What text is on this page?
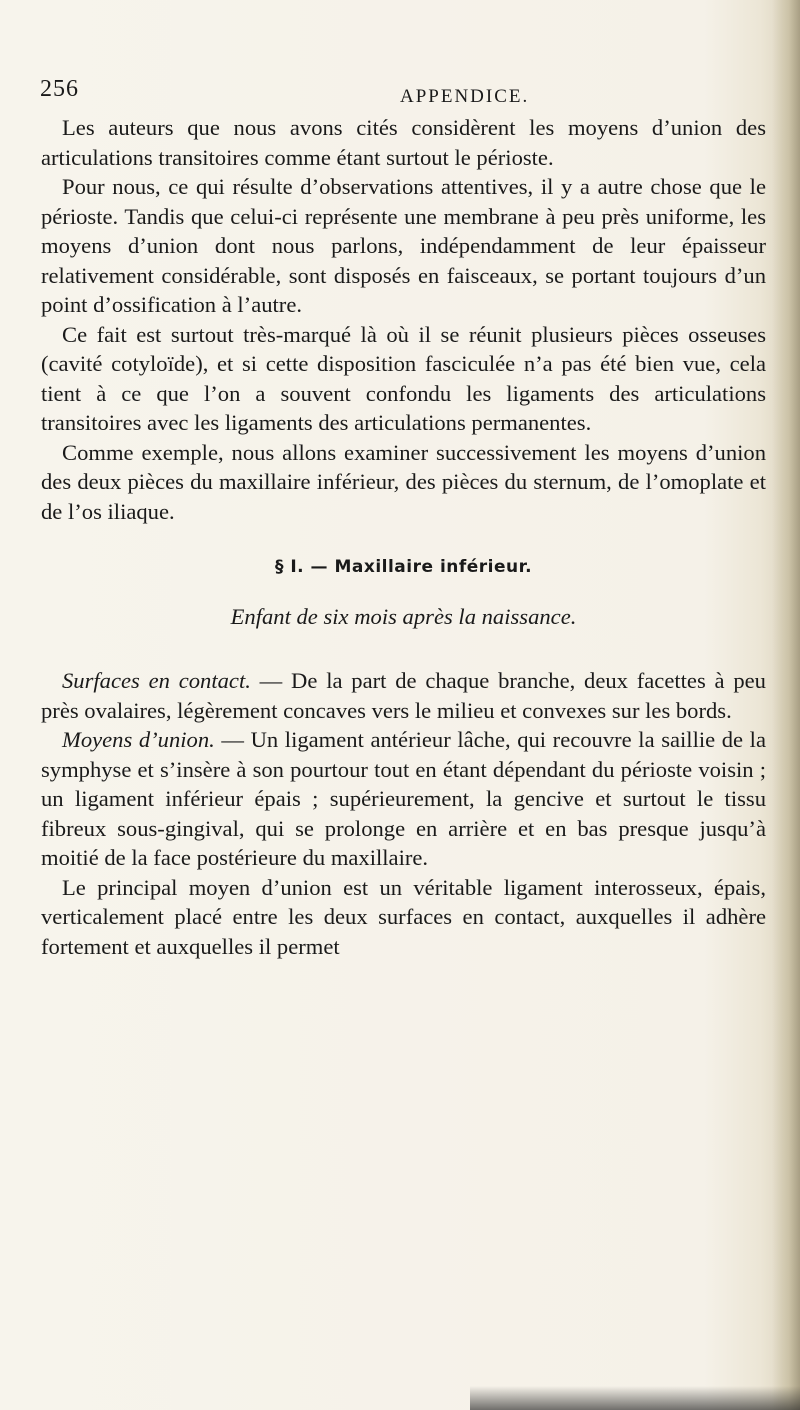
256	APPENDICE.

Les auteurs que nous avons cités considèrent les moyens d’union des articulations transitoires comme étant surtout le périoste.

Pour nous, ce qui résulte d’observations attentives, il y a autre chose que le périoste. Tandis que celui-ci représente une membrane à peu près uniforme, les moyens d’union dont nous parlons, indépendamment de leur épaisseur relativement considérable, sont disposés en faisceaux, se portant toujours d’un point d’ossification à l’autre.

Ce fait est surtout très-marqué là où il se réunit plusieurs pièces osseuses (cavité cotyloïde), et si cette disposition fasciculée n’a pas été bien vue, cela tient à ce que l’on a souvent confondu les ligaments des articulations transitoires avec les ligaments des articulations permanentes.

Comme exemple, nous allons examiner successivement les moyens d’union des deux pièces du maxillaire inférieur, des pièces du sternum, de l’omoplate et de l’os iliaque.

§ I. — Maxillaire inférieur.
Enfant de six mois après la naissance.

Surfaces en contact. — De la part de chaque branche, deux facettes à peu près ovalaires, légèrement concaves vers le milieu et convexes sur les bords.

Moyens d’union. — Un ligament antérieur lâche, qui recouvre la saillie de la symphyse et s’insère à son pourtour tout en étant dépendant du périoste voisin ; un ligament inférieur épais ; supérieurement, la gencive et surtout le tissu fibreux sous-gingival, qui se prolonge en arrière et en bas presque jusqu’à moitié de la face postérieure du maxillaire.

Le principal moyen d’union est un véritable ligament interosseux, épais, verticalement placé entre les deux surfaces en contact, auxquelles il adhère fortement et auxquelles il permet
